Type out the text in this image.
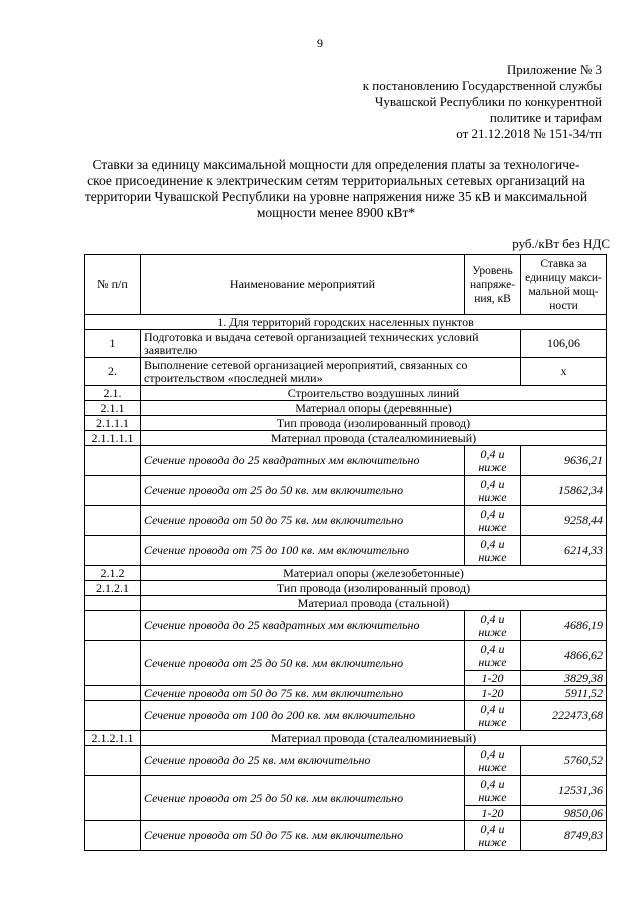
9
Приложение № 3
к постановлению Государственной службы
Чувашской Республики по конкурентной
политике и тарифам
от 21.12.2018 № 151-34/тп
Ставки за единицу максимальной мощности для определения платы за технологиче-
ское присоединение к электрическим сетям территориальных сетевых организаций на
территории Чувашской Республики на уровне напряжения ниже 35 кВ и максимальной
мощности менее 8900 кВт*
руб./кВт без НДС
№ п/п	Наименование мероприятий	Уровень напряже-ния, кВ	Ставка за единицу макси-мальной мощ-ности
1. Для территорий городских населенных пунктов			
1	Подготовка и выдача сетевой организацией технических условий заявителю		106,06
2.	Выполнение сетевой организацией мероприятий, связанных со строительством «последней мили»		x
2.1.	Строительство воздушных линий		
2.1.1	Материал опоры (деревянные)		
2.1.1.1	Тип провода (изолированный провод)		
2.1.1.1.1	Материал провода (сталеалюминиевый)		
	Сечение провода до 25 квадратных мм включительно	0,4 и ниже	9636,21
	Сечение провода от 25 до 50 кв. мм включительно	0,4 и ниже	15862,34
	Сечение провода от 50 до 75 кв. мм включительно	0,4 и ниже	9258,44
	Сечение провода от 75 до 100 кв. мм включительно	0,4 и ниже	6214,33
2.1.2	Материал опоры (железобетонные)		
2.1.2.1	Тип провода (изолированный провод)		
	Материал провода (стальной)		
	Сечение провода до 25 квадратных мм включительно	0,4 и ниже	4686,19
	Сечение провода от 25 до 50 кв. мм включительно	0,4 и ниже	4866,62
		1-20	3829,38
	Сечение провода от 50 до 75 кв. мм включительно	1-20	5911,52
	Сечение провода от 100 до 200 кв. мм включительно	0,4 и ниже	222473,68
2.1.2.1.1	Материал провода (сталеалюминиевый)		
	Сечение провода до 25 кв. мм включительно	0,4 и ниже	5760,52
	Сечение провода от 25 до 50 кв. мм включительно	0,4 и ниже	12531,36
		1-20	9850,06
	Сечение провода от 50 до 75 кв. мм включительно	0,4 и ниже	8749,83
